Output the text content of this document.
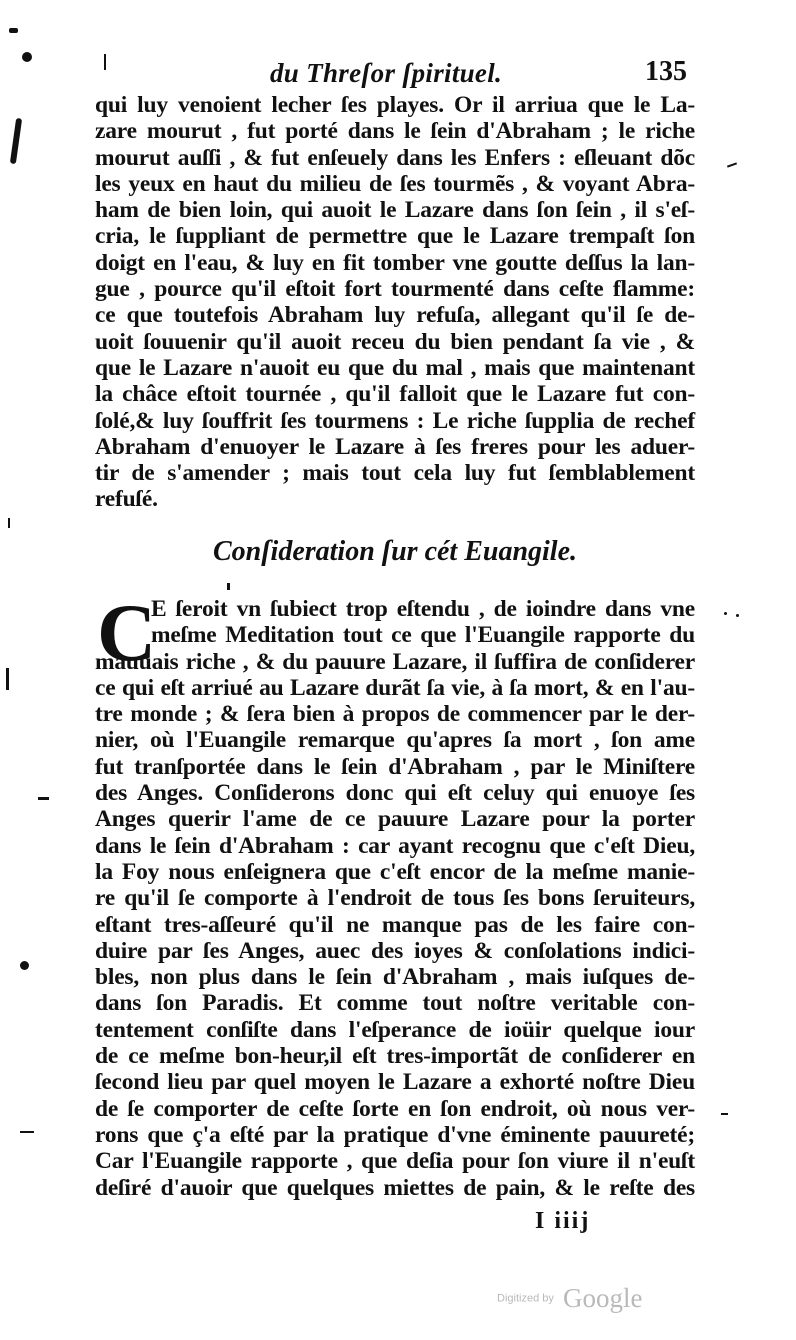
du Threſor ſpirituel.	135
qui luy venoient lecher ſes playes. Or il arriua que le La-
zare mourut , fut porté dans le ſein d'Abraham ; le riche
mourut auſſi , & fut enſeuely dans les Enfers : eſleuant dõc
les yeux en haut du milieu de ſes tourmẽs , & voyant Abra-
ham de bien loin, qui auoit le Lazare dans ſon ſein , il s'eſ-
cria, le ſuppliant de permettre que le Lazare trempaſt ſon
doigt en l'eau, & luy en fit tomber vne goutte deſſus la lan-
gue , pource qu'il eſtoit fort tourmenté dans ceſte flamme:
ce que toutefois Abraham luy refuſa, allegant qu'il ſe de-
uoit ſouuenir qu'il auoit receu du bien pendant ſa vie , &
que le Lazare n'auoit eu que du mal , mais que maintenant
la châce eſtoit tournée , qu'il falloit que le Lazare fut con-
ſolé,& luy ſouffrit ſes tourmens : Le riche ſupplia de rechef
Abraham d'enuoyer le Lazare à ſes freres pour les aduer-
tir de s'amender ; mais tout cela luy fut ſemblablement
refuſé.
Conſideration ſur cét Euangile.
C
E ſeroit vn ſubiect trop eſtendu , de ioindre dans vne
meſme Meditation tout ce que l'Euangile rapporte du
mauuais riche , & du pauure Lazare, il ſuffira de conſiderer
ce qui eſt arriué au Lazare durãt ſa vie, à ſa mort, & en l'au-
tre monde ; & ſera bien à propos de commencer par le der-
nier, où l'Euangile remarque qu'apres ſa mort , ſon ame
fut tranſportée dans le ſein d'Abraham , par le Miniſtere
des Anges. Conſiderons donc qui eſt celuy qui enuoye ſes
Anges querir l'ame de ce pauure Lazare pour la porter
dans le ſein d'Abraham : car ayant recognu que c'eſt Dieu,
la Foy nous enſeignera que c'eſt encor de la meſme manie-
re qu'il ſe comporte à l'endroit de tous ſes bons ſeruiteurs,
eſtant tres-aſſeuré qu'il ne manque pas de les faire con-
duire par ſes Anges, auec des ioyes & conſolations indici-
bles, non plus dans le ſein d'Abraham , mais iuſques de-
dans ſon Paradis. Et comme tout noſtre veritable con-
tentement conſiſte dans l'eſperance de ioüir quelque iour
de ce meſme bon-heur,il eſt tres-importãt de conſiderer en
ſecond lieu par quel moyen le Lazare a exhorté noſtre Dieu
de ſe comporter de ceſte ſorte en ſon endroit, où nous ver-
rons que ç'a eſté par la pratique d'vne éminente pauureté;
Car l'Euangile rapporte , que deſia pour ſon viure il n'euſt
deſiré d'auoir que quelques miettes de pain, & le reſte des
I iiij
Digitized by Google
